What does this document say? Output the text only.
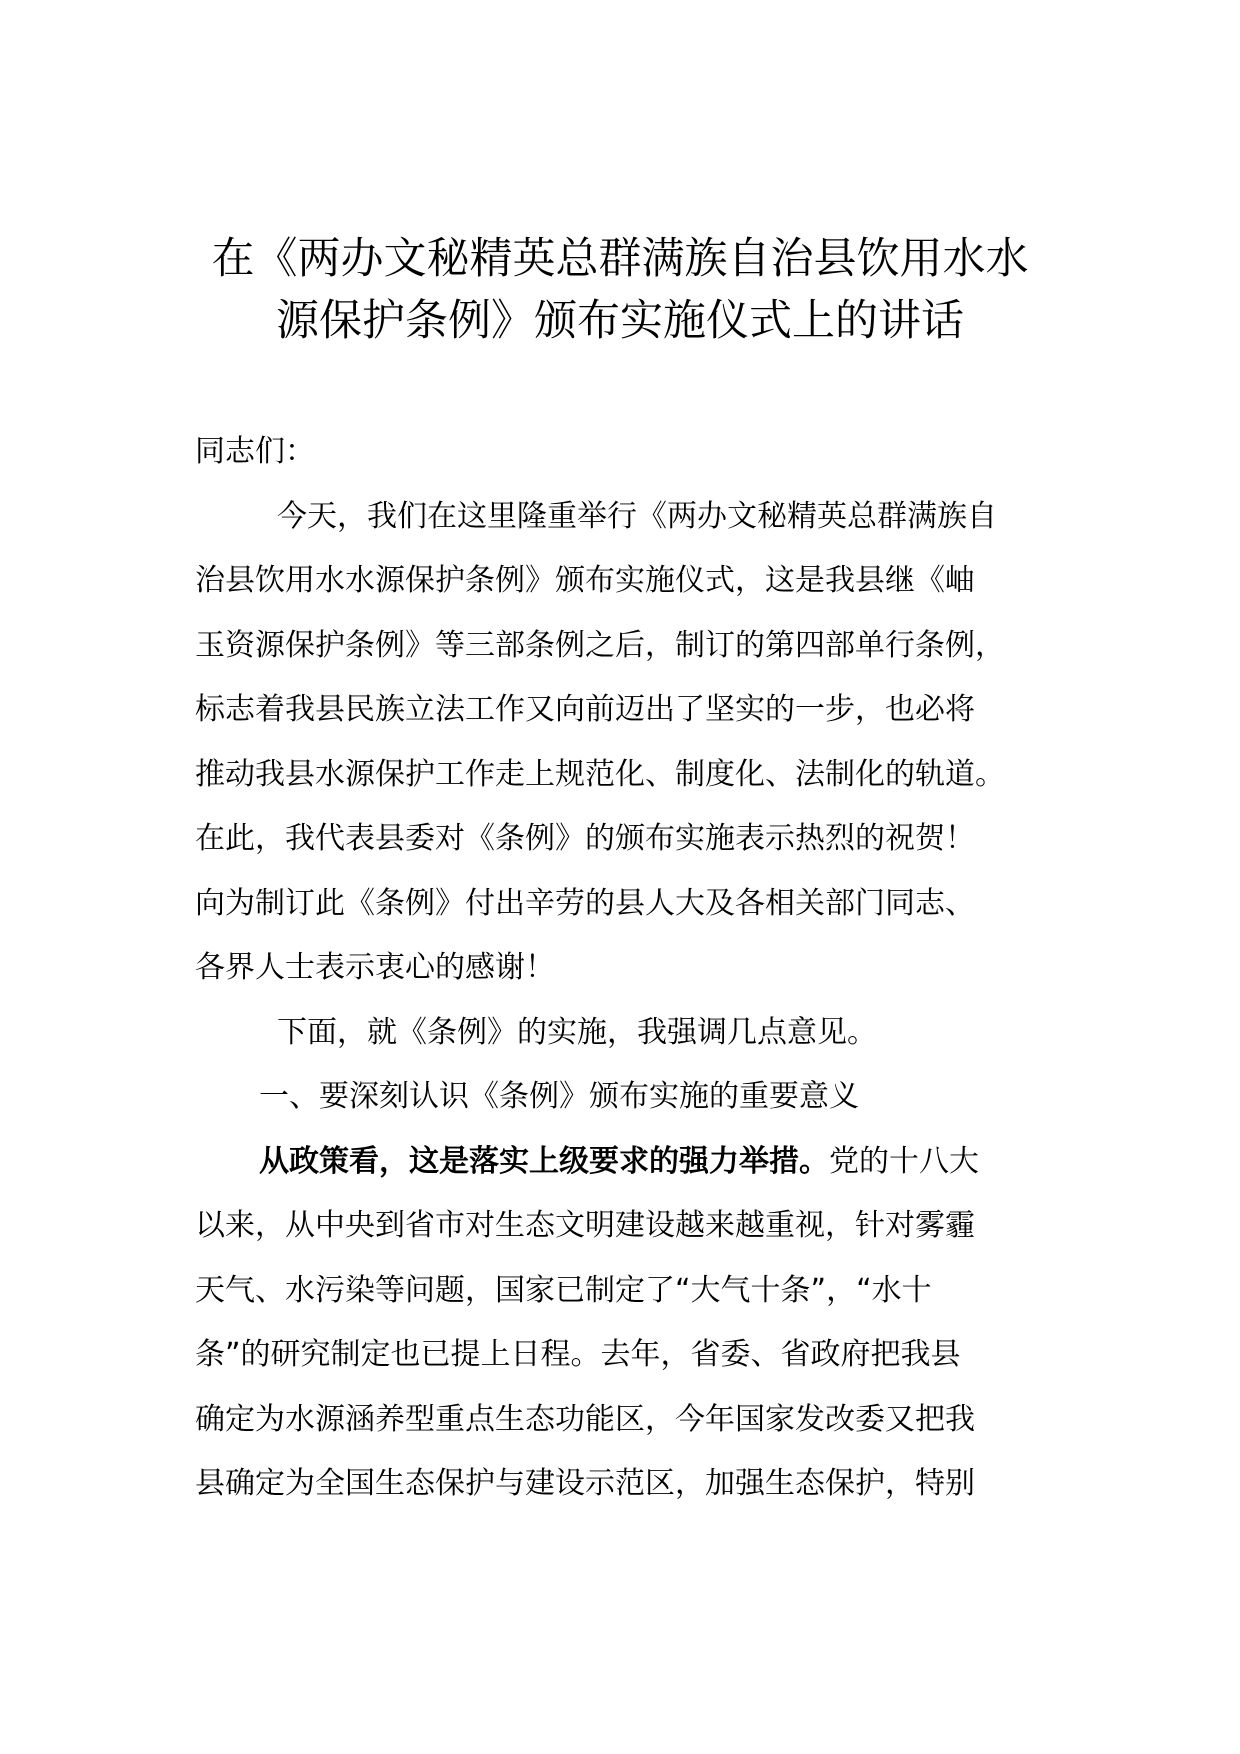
在《两办文秘精英总群满族自治县饮用水水
源保护条例》颁布实施仪式上的讲话
同志们：
今天，我们在这里隆重举行《两办文秘精英总群满族自
治县饮用水水源保护条例》颁布实施仪式，这是我县继《岫
玉资源保护条例》等三部条例之后，制订的第四部单行条例，
标志着我县民族立法工作又向前迈出了坚实的一步，也必将
推动我县水源保护工作走上规范化、制度化、法制化的轨道。
在此，我代表县委对《条例》的颁布实施表示热烈的祝贺！
向为制订此《条例》付出辛劳的县人大及各相关部门同志、
各界人士表示衷心的感谢！
下面，就《条例》的实施，我强调几点意见。
一、要深刻认识《条例》颁布实施的重要意义
从政策看，这是落实上级要求的强力举措。党的十八大
以来，从中央到省市对生态文明建设越来越重视，针对雾霾
天气、水污染等问题，国家已制定了“大气十条”，“水十
条”的研究制定也已提上日程。去年，省委、省政府把我县
确定为水源涵养型重点生态功能区，今年国家发改委又把我
县确定为全国生态保护与建设示范区，加强生态保护，特别
